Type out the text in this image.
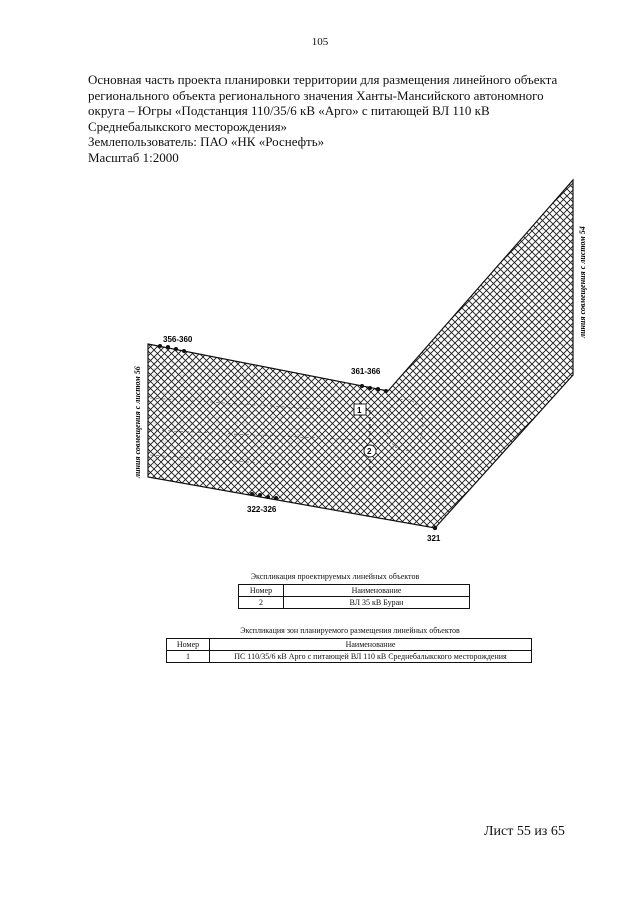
105
Основная часть проекта планировки территории для размещения линейного объекта
регионального объекта регионального значения Ханты-Мансийского автономного
округа – Югры «Подстанция 110/35/6 кВ «Арго» с питающей ВЛ 110 кВ
Среднебалыкского месторождения»
Землепользователь: ПАО «НК «Роснефть»
Масштаб 1:2000
356-360
361-366
322-326
321
1
2
линия совмещения с листом 56
линия совмещения с листом 54
Экспликация проектируемых линейных объектов
Номер	Наименование
2	ВЛ 35 кВ Буран
Экспликация зон планируемого размещения линейных объектов
Номер	Наименование
1	ПС 110/35/6 кВ Арго с питающей ВЛ 110 кВ Среднебалыкского месторождения
Лист 55 из 65
